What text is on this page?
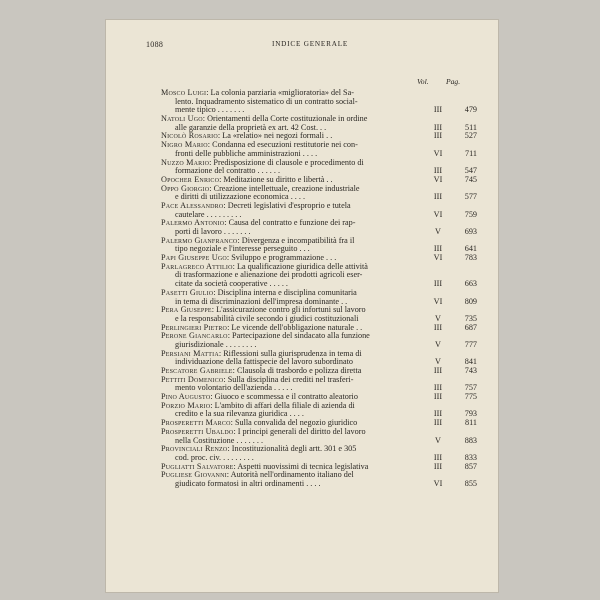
1088	INDICE GENERALE
Vol. Pag.
Mosco Luigi: La colonia parziaria «miglioratoria» del Sa-
lento. Inquadramento sistematico di un contratto social-
mente tipico . . . . . . .	III	479
Natoli Ugo: Orientamenti della Corte costituzionale in ordine
alle garanzie della proprietà ex art. 42 Cost. . .	III	511
Nicolò Rosario: La «relatio» nei negozi formali . .	III	527
Nigro Mario: Condanna ed esecuzioni restitutorie nei con-
fronti delle pubbliche amministrazioni . . . .	VI	711
Nuzzo Mario: Predisposizione di clausole e procedimento di
formazione del contratto . . . . . .	III	547
Opocher Enrico: Meditazione su diritto e libertà . .	VI	745
Oppo Giorgio: Creazione intellettuale, creazione industriale
e diritti di utilizzazione economica . . . .	III	577
Pace Alessandro: Decreti legislativi d'esproprio e tutela
cautelare . . . . . . . . .	VI	759
Palermo Antonio: Causa del contratto e funzione dei rap-
porti di lavoro . . . . . . .	V	693
Palermo Gianfranco: Divergenza e incompatibilità fra il
tipo negoziale e l'interesse perseguito . . .	III	641
Papi Giuseppe Ugo: Sviluppo e programmazione . . .	VI	783
Parlagreco Attilio: La qualificazione giuridica delle attività
di trasformazione e alienazione dei prodotti agricoli eser-
citate da società cooperative . . . . .	III	663
Pasetti Giulio: Disciplina interna e disciplina comunitaria
in tema di discriminazioni dell'impresa dominante . .	VI	809
Pera Giuseppe: L'assicurazione contro gli infortuni sul lavoro
e la responsabilità civile secondo i giudici costituzionali	V	735
Perlingieri Pietro: Le vicende dell'obbligazione naturale . .	III	687
Perone Giancarlo: Partecipazione del sindacato alla funzione
giurisdizionale . . . . . . . .	V	777
Persiani Mattia: Riflessioni sulla giurisprudenza in tema di
individuazione della fattispecie del lavoro subordinato	V	841
Pescatore Gabriele: Clausola di trasbordo e polizza diretta	III	743
Pettiti Domenico: Sulla disciplina dei crediti nel trasferi-
mento volontario dell'azienda . . . . .	III	757
Pino Augusto: Giuoco e scommessa e il contratto aleatorio	III	775
Porzio Mario: L'ambito di affari della filiale di azienda di
credito e la sua rilevanza giuridica . . . .	III	793
Prosperetti Marco: Sulla convalida del negozio giuridico	III	811
Prosperetti Ubaldo: I principi generali del diritto del lavoro
nella Costituzione . . . . . . .	V	883
Provinciali Renzo: Incostituzionalità degli artt. 301 e 305
cod. proc. civ. . . . . . . . .	III	833
Pugliatti Salvatore: Aspetti nuovissimi di tecnica legislativa	III	857
Pugliese Giovanni: Autorità nell'ordinamento italiano del
giudicato formatosi in altri ordinamenti . . . .	VI	855
